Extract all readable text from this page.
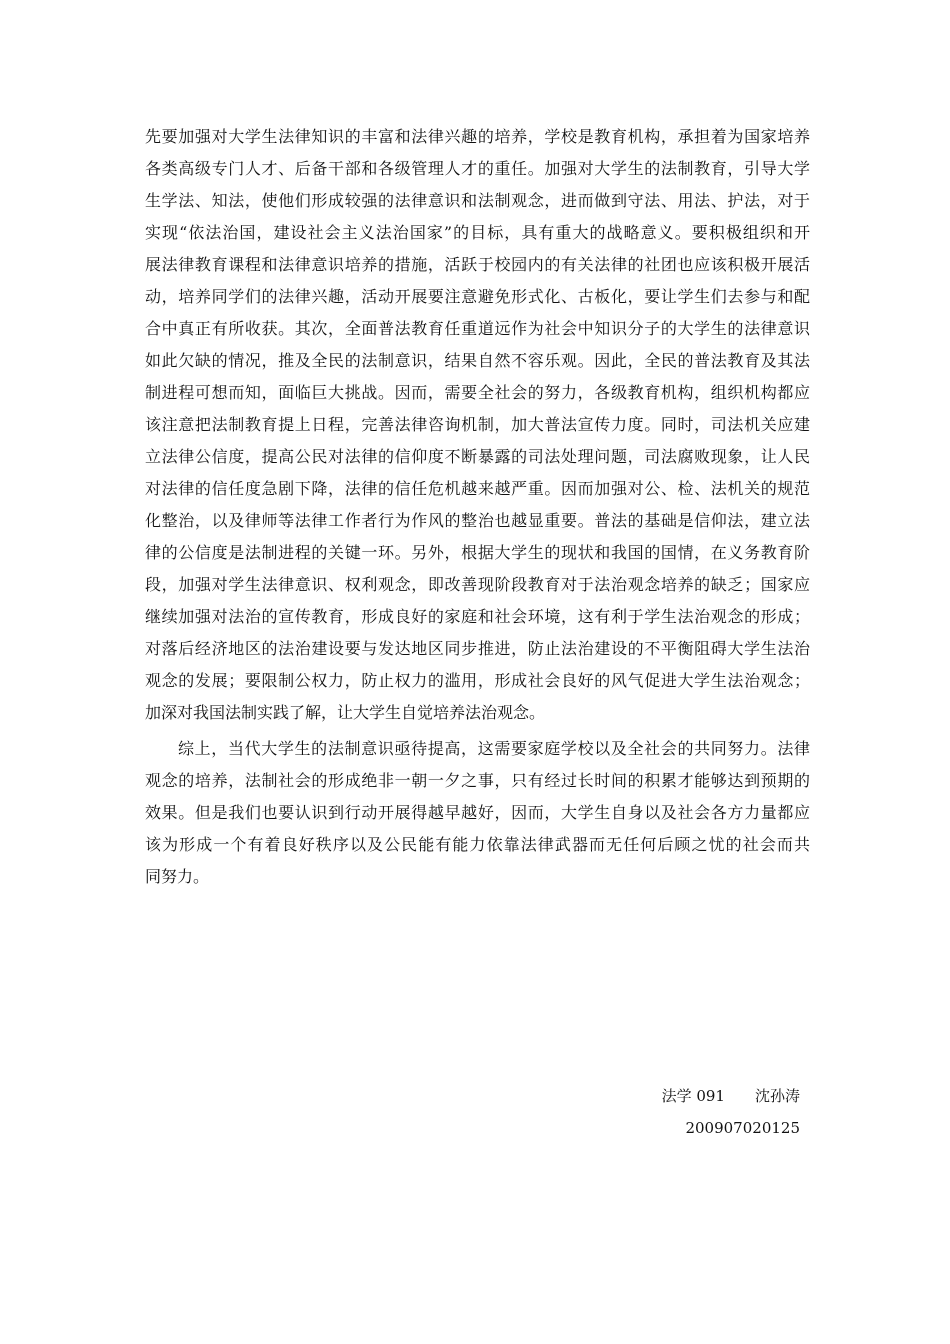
先要加强对大学生法律知识的丰富和法律兴趣的培养，学校是教育机构，承担着为国家培养
各类高级专门人才、后备干部和各级管理人才的重任。加强对大学生的法制教育，引导大学
生学法、知法，使他们形成较强的法律意识和法制观念，进而做到守法、用法、护法，对于
实现“依法治国，建设社会主义法治国家”的目标，具有重大的战略意义。要积极组织和开
展法律教育课程和法律意识培养的措施，活跃于校园内的有关法律的社团也应该积极开展活
动，培养同学们的法律兴趣，活动开展要注意避免形式化、古板化，要让学生们去参与和配
合中真正有所收获。其次，全面普法教育任重道远作为社会中知识分子的大学生的法律意识
如此欠缺的情况，推及全民的法制意识，结果自然不容乐观。因此，全民的普法教育及其法
制进程可想而知，面临巨大挑战。因而，需要全社会的努力，各级教育机构，组织机构都应
该注意把法制教育提上日程，完善法律咨询机制，加大普法宣传力度。同时，司法机关应建
立法律公信度，提高公民对法律的信仰度不断暴露的司法处理问题，司法腐败现象，让人民
对法律的信任度急剧下降，法律的信任危机越来越严重。因而加强对公、检、法机关的规范
化整治，以及律师等法律工作者行为作风的整治也越显重要。普法的基础是信仰法，建立法
律的公信度是法制进程的关键一环。另外，根据大学生的现状和我国的国情，在义务教育阶
段，加强对学生法律意识、权利观念，即改善现阶段教育对于法治观念培养的缺乏；国家应
继续加强对法治的宣传教育，形成良好的家庭和社会环境，这有利于学生法治观念的形成；
对落后经济地区的法治建设要与发达地区同步推进，防止法治建设的不平衡阻碍大学生法治
观念的发展；要限制公权力，防止权力的滥用，形成社会良好的风气促进大学生法治观念；
加深对我国法制实践了解，让大学生自觉培养法治观念。
综上，当代大学生的法制意识亟待提高，这需要家庭学校以及全社会的共同努力。法律
观念的培养，法制社会的形成绝非一朝一夕之事，只有经过长时间的积累才能够达到预期的
效果。但是我们也要认识到行动开展得越早越好，因而，大学生自身以及社会各方力量都应
该为形成一个有着良好秩序以及公民能有能力依靠法律武器而无任何后顾之忧的社会而共
同努力。
法学 091 沈孙涛
200907020125
